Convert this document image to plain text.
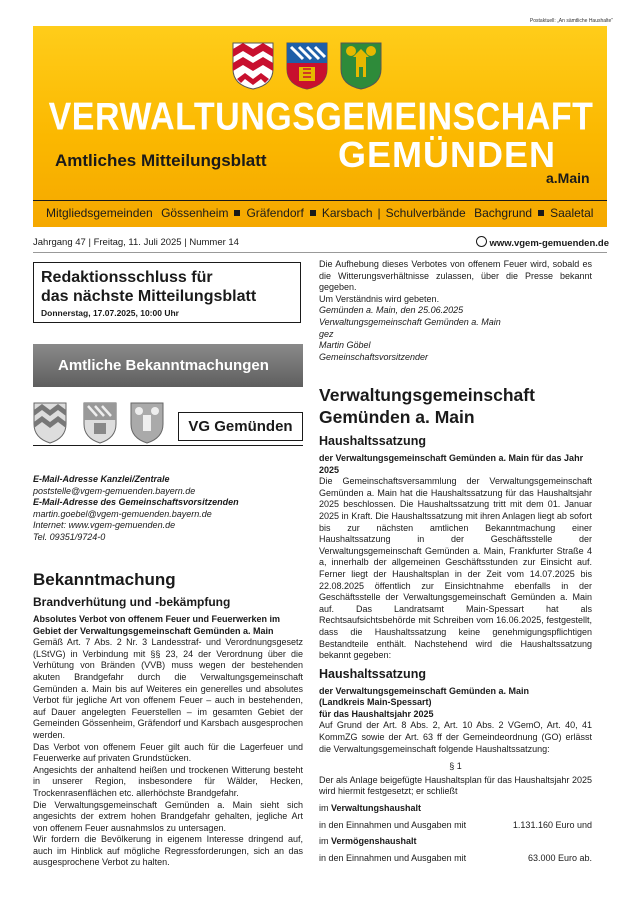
Postaktuell: „An sämtliche Haushalte“
VERWALTUNGSGEMEINSCHAFT
Amtliches Mitteilungsblatt GEMÜNDEN
a.Main
Mitgliedsgemeinden Gössenheim Gräfendorf Karsbach | Schulverbände Bachgrund Saaletal
Jahrgang 47 | Freitag, 11. Juli 2025 | Nummer 14	www.vgem-gemuenden.de
Redaktionsschluss für
das nächste Mitteilungsblatt
Donnerstag, 17.07.2025, 10:00 Uhr
Amtliche Bekanntmachungen
VG Gemünden

E-Mail-Adresse Kanzlei/Zentrale

poststelle@vgem-gemuenden.bayern.de

E-Mail-Adresse des Gemeinschaftsvorsitzenden

martin.goebel@vgem-gemuenden.bayern.de

Internet: www.vgem-gemuenden.de

Tel. 09351/9724-0

Bekanntmachung
Brandverhütung und -bekämpfung

Absolutes Verbot von offenem Feuer und Feuerwerken im Gebiet der Verwaltungsgemeinschaft Gemünden a. Main

Gemäß Art. 7 Abs. 2 Nr. 3 Landesstraf- und Verordnungsgesetz (LStVG) in Verbindung mit §§ 23, 24 der Verordnung über die Verhütung von Bränden (VVB) muss wegen der bestehenden akuten Brandgefahr durch die Verwaltungsgemeinschaft Gemünden a. Main bis auf Weiteres ein generelles und absolutes Verbot für jegliche Art von offenem Feuer – auch in bestehenden, auf Dauer angelegten Feuerstellen – im gesamten Gebiet der Gemeinden Gössenheim, Gräfendorf und Karsbach ausgesprochen werden.

Das Verbot von offenem Feuer gilt auch für die Lagerfeuer und Feuerwerke auf privaten Grundstücken.

Angesichts der anhaltend heißen und trockenen Witterung besteht in unserer Region, insbesondere für Wälder, Hecken, Trockenrasenflächen etc. allerhöchste Brandgefahr.

Die Verwaltungsgemeinschaft Gemünden a. Main sieht sich angesichts der extrem hohen Brandgefahr gehalten, jegliche Art von offenem Feuer ausnahmslos zu untersagen.

Wir fordern die Bevölkerung in eigenem Interesse dringend auf, auch im Hinblick auf mögliche Regressforderungen, sich an das ausgesprochene Verbot zu halten.

Die Aufhebung dieses Verbotes von offenem Feuer wird, sobald es die Witterungsverhältnisse zulassen, über die Presse bekannt gegeben.

Um Verständnis wird gebeten.

Gemünden a. Main, den 25.06.2025

Verwaltungsgemeinschaft Gemünden a. Main

gez

Martin Göbel

Gemeinschaftsvorsitzender

Verwaltungsgemeinschaft
Gemünden a. Main
Haushaltssatzung

der Verwaltungsgemeinschaft Gemünden a. Main für das Jahr 2025

Die Gemeinschaftsversammlung der Verwaltungsgemeinschaft Gemünden a. Main hat die Haushaltssatzung für das Haushaltsjahr 2025 beschlossen. Die Haushaltssatzung tritt mit dem 01. Januar 2025 in Kraft. Die Haushaltssatzung mit ihren Anlagen liegt ab sofort bis zur nächsten amtlichen Bekanntmachung einer Haushaltssatzung in der Geschäftsstelle der Verwaltungsgemeinschaft Gemünden a. Main, Frankfurter Straße 4 a, innerhalb der allgemeinen Geschäftsstunden zur Einsicht auf. Ferner liegt der Haushaltsplan in der Zeit vom 14.07.2025 bis 22.08.2025 öffentlich zur Einsichtnahme ebenfalls in der Geschäftsstelle der Verwaltungsgemeinschaft Gemünden a. Main auf. Das Landratsamt Main-Spessart hat als Rechtsaufsichtsbehörde mit Schreiben vom 16.06.2025, festgestellt, dass die Haushaltssatzung keine genehmigungspflichtigen Bestandteile enthält. Nachstehend wird die Haushaltssatzung bekannt gegeben:

Haushaltssatzung

der Verwaltungsgemeinschaft Gemünden a. Main

(Landkreis Main-Spessart)

für das Haushaltsjahr 2025

Auf Grund der Art. 8 Abs. 2, Art. 10 Abs. 2 VGemO, Art. 40, 41 KommZG sowie der Art. 63 ff der Gemeindeordnung (GO) erlässt die Verwaltungsgemeinschaft folgende Haushaltssatzung:

§ 1

Der als Anlage beigefügte Haushaltsplan für das Haushaltsjahr 2025 wird hiermit festgesetzt; er schließt

im Verwaltungshaushalt

in den Einnahmen und Ausgaben mit	1.131.160 Euro und

im Vermögenshaushalt

in den Einnahmen und Ausgaben mit	63.000 Euro ab.
